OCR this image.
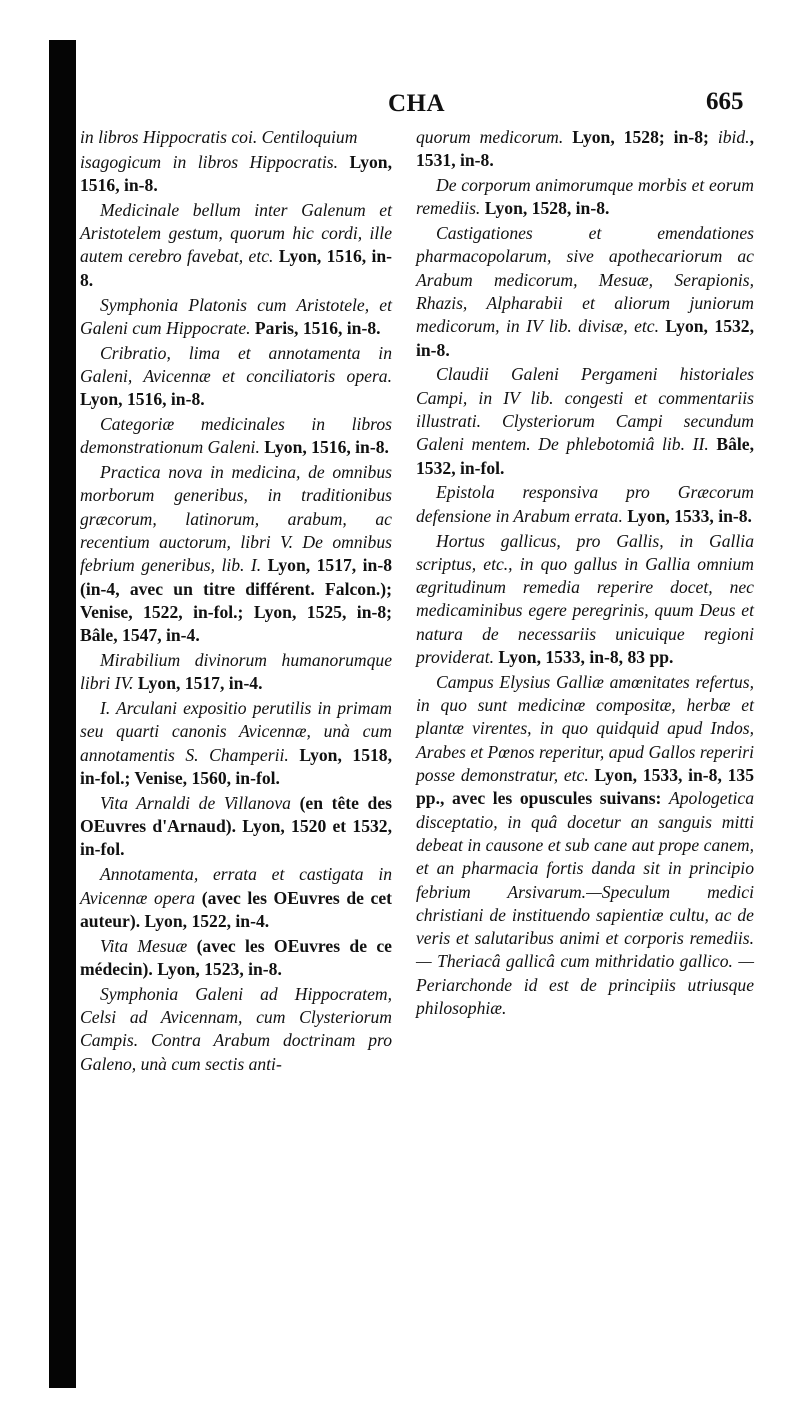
CHA	665

in libros Hippocratis coi. Centiloquium

isagogicum in libros Hippocratis. Lyon, 1516, in-8.

Medicinale bellum inter Galenum et Aristotelem gestum, quorum hic cordi, ille autem cerebro favebat, etc. Lyon, 1516, in-8.

Symphonia Platonis cum Aristotele, et Galeni cum Hippocrate. Paris, 1516, in-8.

Cribratio, lima et annotamenta in Galeni, Avicennæ et conciliatoris opera. Lyon, 1516, in-8.

Categoriæ medicinales in libros demonstrationum Galeni. Lyon, 1516, in-8.

Practica nova in medicina, de omnibus morborum generibus, in traditionibus græcorum, latinorum, arabum, ac recentium auctorum, libri V. De omnibus febrium generibus, lib. I. Lyon, 1517, in-8 (in-4, avec un titre différent. Falcon.); Venise, 1522, in-fol.; Lyon, 1525, in-8; Bâle, 1547, in-4.

Mirabilium divinorum humanorumque libri IV. Lyon, 1517, in-4.

I. Arculani expositio perutilis in primam seu quarti canonis Avicennæ, unà cum annotamentis S. Champerii. Lyon, 1518, in-fol.; Venise, 1560, in-fol.

Vita Arnaldi de Villanova (en tête des OEuvres d'Arnaud). Lyon, 1520 et 1532, in-fol.

Annotamenta, errata et castigata in Avicennæ opera (avec les OEuvres de cet auteur). Lyon, 1522, in-4.

Vita Mesuæ (avec les OEuvres de ce médecin). Lyon, 1523, in-8.

Symphonia Galeni ad Hippocratem, Celsi ad Avicennam, cum Clysteriorum Campis. Contra Arabum doctrinam pro Galeno, unà cum sectis anti-

quorum medicorum. Lyon, 1528; in-8; ibid., 1531, in-8.

De corporum animorumque morbis et eorum remediis. Lyon, 1528, in-8.

Castigationes et emendationes pharmacopolarum, sive apothecariorum ac Arabum medicorum, Mesuæ, Serapionis, Rhazis, Alpharabii et aliorum juniorum medicorum, in IV lib. divisæ, etc. Lyon, 1532, in-8.

Claudii Galeni Pergameni historiales Campi, in IV lib. congesti et commentariis illustrati. Clysteriorum Campi secundum Galeni mentem. De phlebotomiâ lib. II. Bâle, 1532, in-fol.

Epistola responsiva pro Græcorum defensione in Arabum errata. Lyon, 1533, in-8.

Hortus gallicus, pro Gallis, in Gallia scriptus, etc., in quo gallus in Gallia omnium ægritudinum remedia reperire docet, nec medicaminibus egere peregrinis, quum Deus et natura de necessariis unicuique regioni providerat. Lyon, 1533, in-8, 83 pp.

Campus Elysius Galliæ amœnitates refertus, in quo sunt medicinæ compositæ, herbæ et plantæ virentes, in quo quidquid apud Indos, Arabes et Pœnos reperitur, apud Gallos reperiri posse demonstratur, etc. Lyon, 1533, in-8, 135 pp., avec les opuscules suivans: Apologetica disceptatio, in quâ docetur an sanguis mitti debeat in causone et sub cane aut prope canem, et an pharmacia fortis danda sit in principio febrium Arsivarum.—Speculum medici christiani de instituendo sapientiæ cultu, ac de veris et salutaribus animi et corporis remediis. — Theriacâ gallicâ cum mithridatio gallico. — Periarchonde id est de principiis utriusque philosophiæ.
